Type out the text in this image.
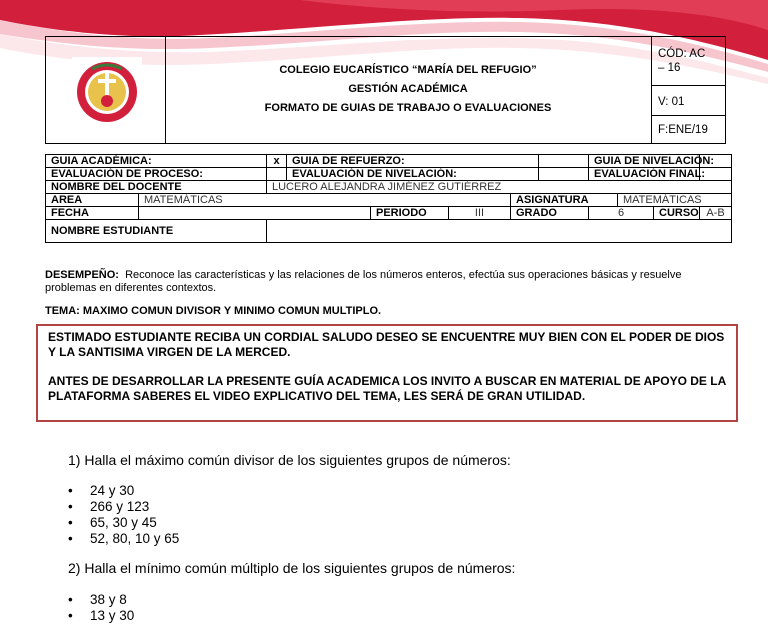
COLEGIO EUCARÍSTICO “MARÍA DEL REFUGIO”
GESTIÓN ACADÉMICA
FORMATO DE GUIAS DE TRABAJO O EVALUACIONES
CÓD: AC
– 16
V: 01
F:ENE/19
GUIA ACADÉMICA:		x	GUIA DE REFUERZO:					GUIA DE NIVELACIÓN:			
EVALUACIÓN DE PROCESO:			EVALUACIÓN DE NIVELACIÓN:					EVALUACIÓN FINAL:			
NOMBRE DEL DOCENTE		LUCERO ALEJANDRA JIMÉNEZ GUTIÉRREZ									
AREA	MATEMÁTICAS					ASIGNATURA			MATEMÁTICAS		
FECHA				PERIODO	III	GRADO		6		CURSO	A-B
NOMBRE ESTUDIANTE											
DESEMPEÑO: Reconoce las características y las relaciones de los números enteros, efectúa sus operaciones básicas y resuelve problemas en diferentes contextos.
TEMA: MAXIMO COMUN DIVISOR Y MINIMO COMUN MULTIPLO.

ESTIMADO ESTUDIANTE RECIBA UN CORDIAL SALUDO DESEO SE ENCUENTRE MUY BIEN CON EL PODER DE DIOS Y LA SANTISIMA VIRGEN DE LA MERCED.

ANTES DE DESARROLLAR LA PRESENTE GUÍA ACADEMICA LOS INVITO A BUSCAR EN MATERIAL DE APOYO DE LA PLATAFORMA SABERES EL VIDEO EXPLICATIVO DEL TEMA, LES SERÁ DE GRAN UTILIDAD.

1) Halla el máximo común divisor de los siguientes grupos de números:
• 24 y 30
• 266 y 123
• 65, 30 y 45
• 52, 80, 10 y 65
2) Halla el mínimo común múltiplo de los siguientes grupos de números:
• 38 y 8
• 13 y 30
